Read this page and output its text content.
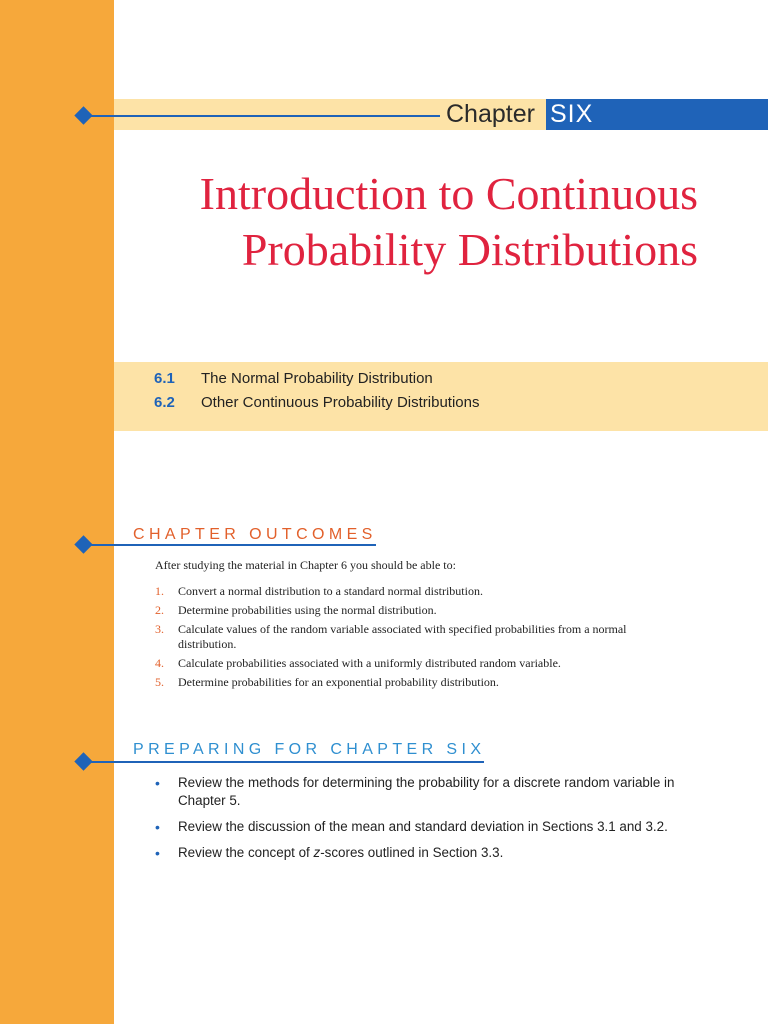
Chapter SIX
Introduction to Continuous
Probability Distributions
6.1 The Normal Probability Distribution
6.2 Other Continuous Probability Distributions
CHAPTER OUTCOMES
After studying the material in Chapter 6 you should be able to:
1.	Convert a normal distribution to a standard normal distribution.
2.	Determine probabilities using the normal distribution.
3.	Calculate values of the random variable associated with specified probabilities from a normal distribution.
4.	Calculate probabilities associated with a uniformly distributed random variable.
5.	Determine probabilities for an exponential probability distribution.
PREPARING FOR CHAPTER SIX
•	Review the methods for determining the probability for a discrete random variable in Chapter 5.
•	Review the discussion of the mean and standard deviation in Sections 3.1 and 3.2.
•	Review the concept of z-scores outlined in Section 3.3.
